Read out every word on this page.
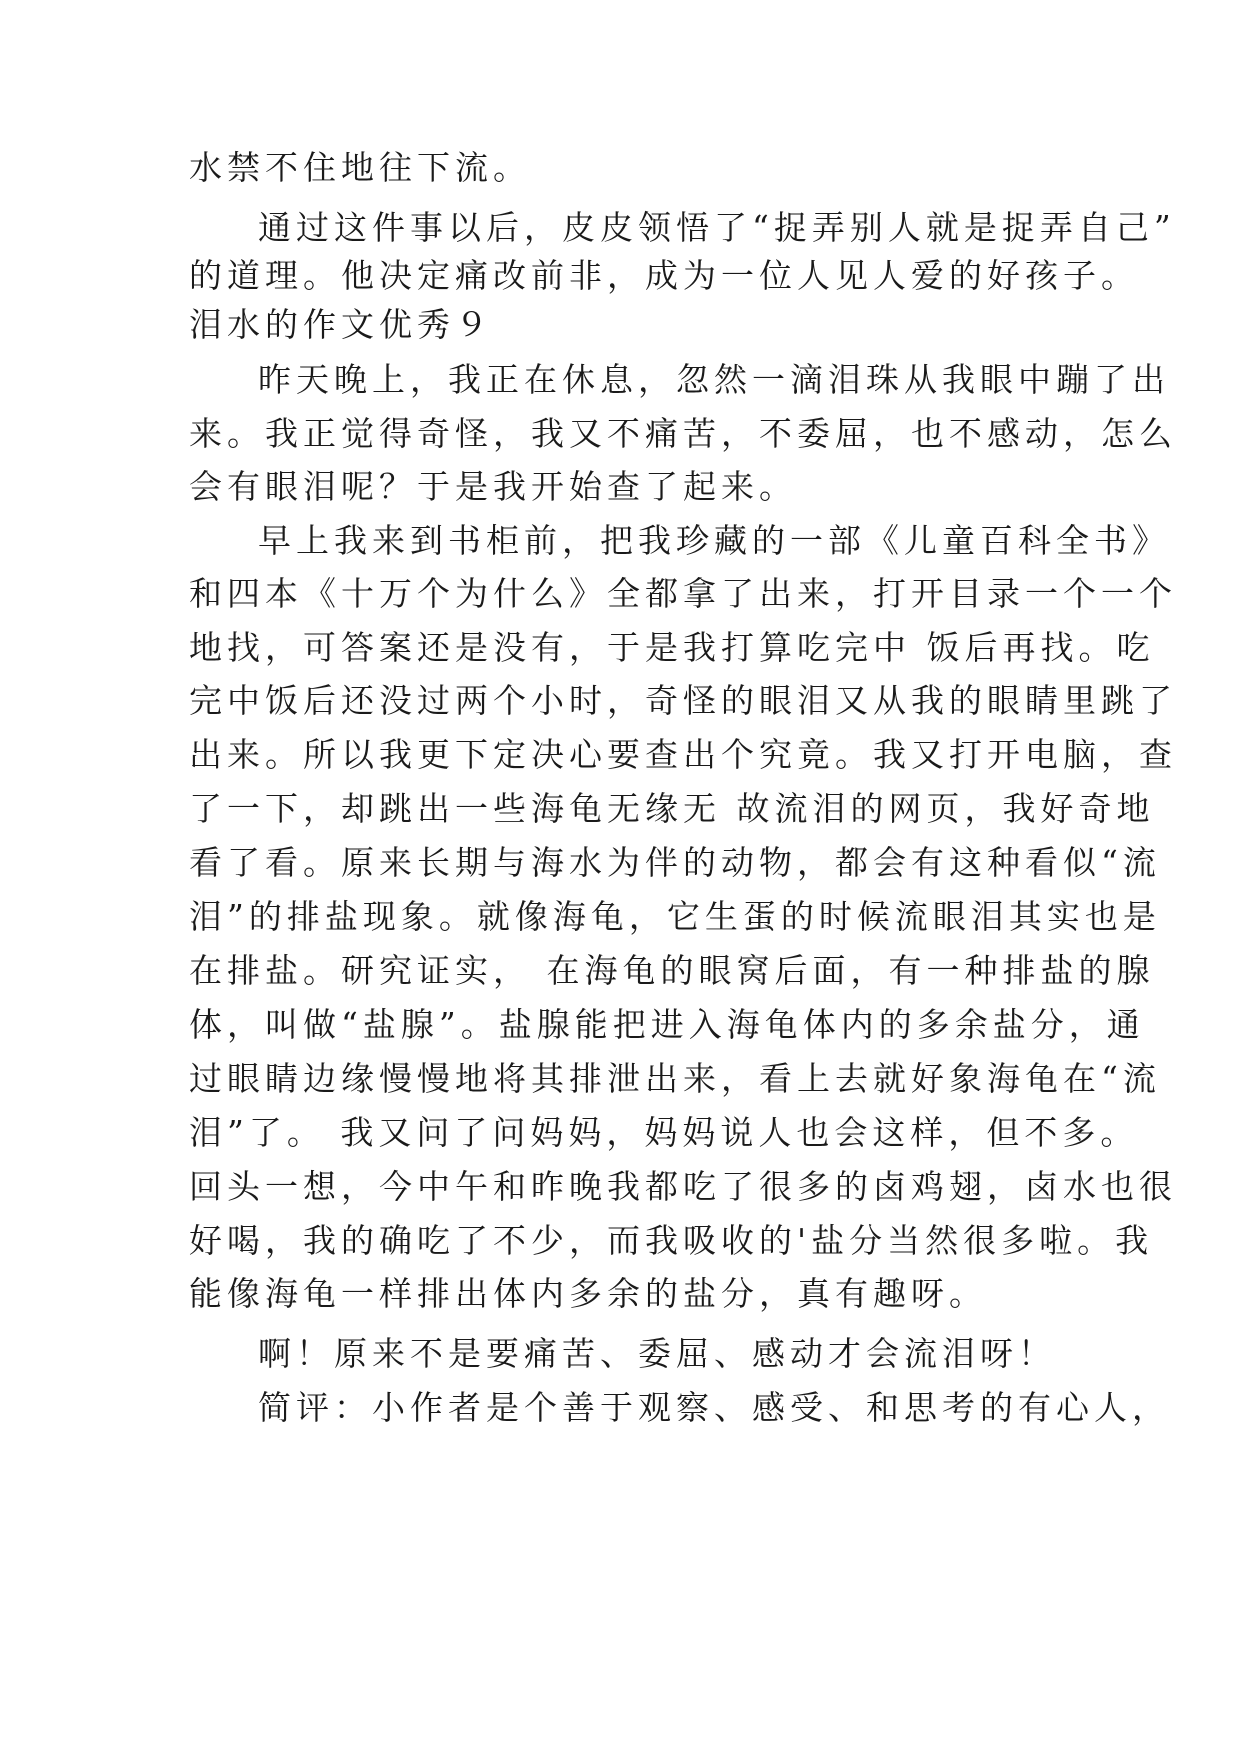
水禁不住地往下流。
通过这件事以后，皮皮领悟了“捉弄别人就是捉弄自己”
的道理。他决定痛改前非，成为一位人见人爱的好孩子。
泪水的作文优秀９
昨天晚上，我正在休息，忽然一滴泪珠从我眼中蹦了出
来。我正觉得奇怪，我又不痛苦，不委屈，也不感动，怎么
会有眼泪呢？于是我开始查了起来。
早上我来到书柜前，把我珍藏的一部《儿童百科全书》
和四本《十万个为什么》全都拿了出来，打开目录一个一个
地找，可答案还是没有，于是我打算吃完中 饭后再找。吃
完中饭后还没过两个小时，奇怪的眼泪又从我的眼睛里跳了
出来。所以我更下定决心要查出个究竟。我又打开电脑，查
了一下，却跳出一些海龟无缘无 故流泪的网页，我好奇地
看了看。原来长期与海水为伴的动物，都会有这种看似“流
泪”的排盐现象。就像海龟，它生蛋的时候流眼泪其实也是
在排盐。研究证实， 在海龟的眼窝后面，有一种排盐的腺
体，叫做“盐腺”。盐腺能把进入海龟体内的多余盐分，通
过眼睛边缘慢慢地将其排泄出来，看上去就好象海龟在“流
泪”了。 我又问了问妈妈，妈妈说人也会这样，但不多。
回头一想，今中午和昨晚我都吃了很多的卤鸡翅，卤水也很
好喝，我的确吃了不少，而我吸收的'盐分当然很多啦。我
能像海龟一样排出体内多余的盐分，真有趣呀。
啊！原来不是要痛苦、委屈、感动才会流泪呀！
简评：小作者是个善于观察、感受、和思考的有心人，
